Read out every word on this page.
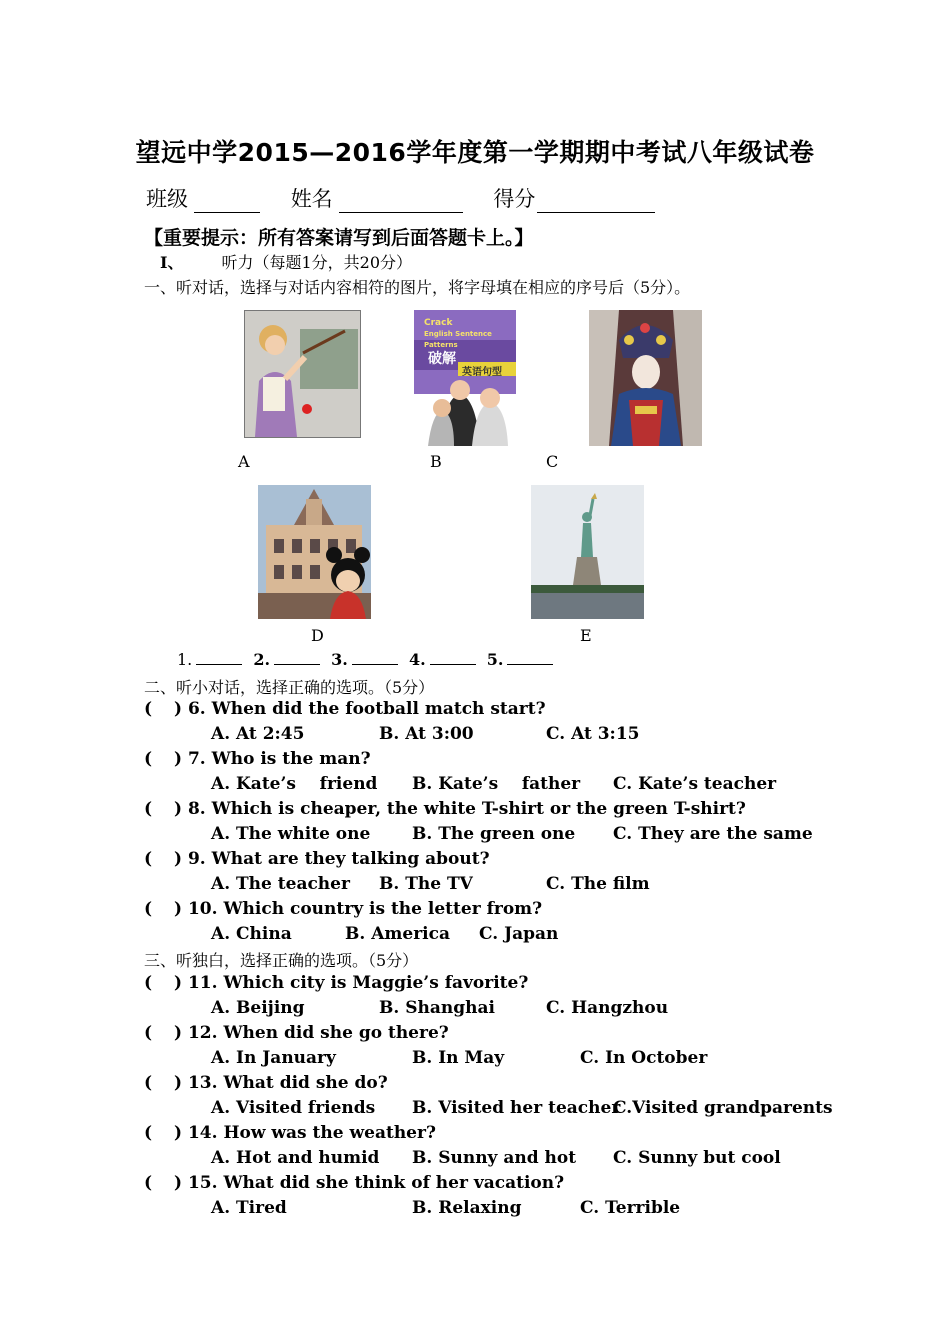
望远中学2015—2016学年度第一学期期中考试八年级试卷
班级	姓名	得分
【重要提示：所有答案请写到后面答题卡上。】
I、 听力（每题1分，共20分）
一、听对话，选择与对话内容相符的图片，将字母填在相应的序号后（5分）。
A
Crack
English Sentence Patterns
破解
英语句型
B	C
D	E
1.	2.	3.	4.	5.
二、听小对话，选择正确的选项。（5分）
( ) 6. When did the football match start?
A. At 2:45	B. At 3:00	C. At 3:15
( ) 7. Who is the man?
A. Kate’s    friend B. Kate’s    father C. Kate’s teacher
( ) 8. Which is cheaper, the white T-shirt or the green T-shirt?
A. The white one B. The green one C. They are the same
( ) 9. What are they talking about?
A. The teacher B. The TV	C. The film
( ) 10. Which country is the letter from?
A. China	B. America C. Japan
三、听独白，选择正确的选项。（5分）
( ) 11. Which city is Maggie’s favorite?
A. Beijing	B. Shanghai	C. Hangzhou
( ) 12. When did she go there?
A. In January	B. In May	C. In October
( ) 13. What did she do?
A. Visited friends B. Visited her teacher
C.Visited grandparents
( ) 14. How was the weather?
A. Hot and humid B. Sunny and hot C. Sunny but cool
( ) 15. What did she think of her vacation?
A. Tired	B. Relaxing	C. Terrible
